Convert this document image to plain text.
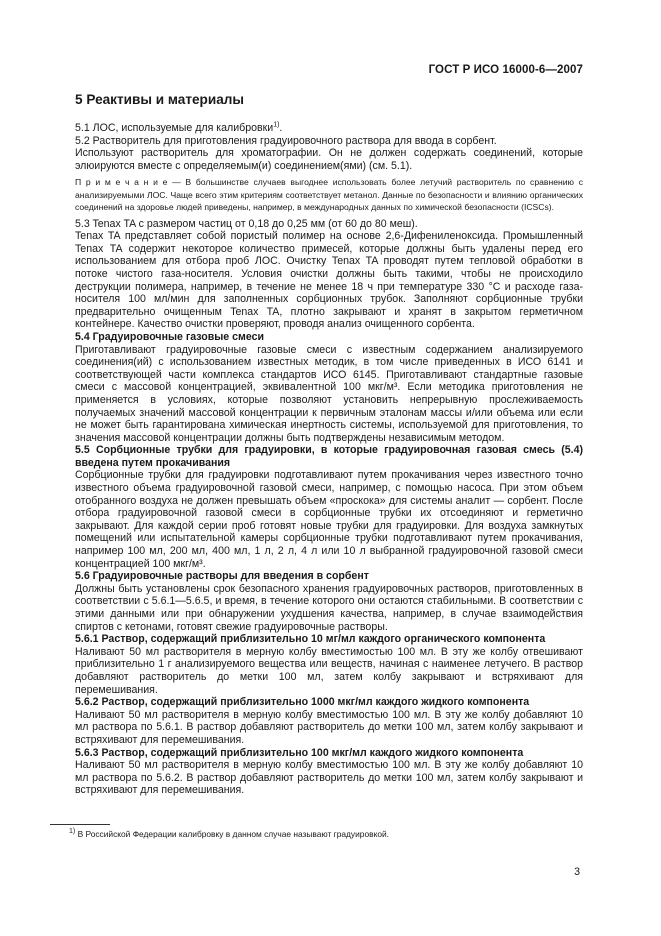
ГОСТ Р ИСО 16000-6—2007
5 Реактивы и материалы

5.1 ЛОС, используемые для калибровки$^{1)}$.

5.2 Растворитель для приготовления градуировочного раствора для ввода в сорбент.

Используют растворитель для хроматографии. Он не должен содержать соединений, которые элюируются вместе с определяемым(и) соединением(ями) (см. 5.1).

П р и м е ч а н и е — В большинстве случаев выгоднее использовать более летучий растворитель по сравнению с анализируемыми ЛОС. Чаще всего этим критериям соответствует метанол. Данные по безопасности и влиянию органических соединений на здоровье людей приведены, например, в международных данных по химической безопасности (ICSCs).

5.3 Tenax TA с размером частиц от 0,18 до 0,25 мм (от 60 до 80 меш).

Tenax TA представляет собой пористый полимер на основе 2,6-Дифениленоксида. Промышленный Tenax TA содержит некоторое количество примесей, которые должны быть удалены перед его использованием для отбора проб ЛОС. Очистку Tenax TA проводят путем тепловой обработки в потоке чистого газа-носителя. Условия очистки должны быть такими, чтобы не происходило деструкции полимера, например, в течение не менее 18 ч при температуре 330 °С и расходе газа-носителя 100 мл/мин для заполненных сорбционных трубок. Заполняют сорбционные трубки предварительно очищенным Tenax TA, плотно закрывают и хранят в закрытом герметичном контейнере. Качество очистки проверяют, проводя анализ очищенного сорбента.

5.4 Градуировочные газовые смеси

Приготавливают градуировочные газовые смеси с известным содержанием анализируемого соединения(ий) с использованием известных методик, в том числе приведенных в ИСО 6141 и соответствующей части комплекса стандартов ИСО 6145. Приготавливают стандартные газовые смеси с массовой концентрацией, эквивалентной 100 мкг/м³. Если методика приготовления не применяется в условиях, которые позволяют установить непрерывную прослеживаемость получаемых значений массовой концентрации к первичным эталонам массы и/или объема или если не может быть гарантирована химическая инертность системы, используемой для приготовления, то значения массовой концентрации должны быть подтверждены независимым методом.

5.5 Сорбционные трубки для градуировки, в которые градуировочная газовая смесь (5.4) введена путем прокачивания

Сорбционные трубки для градуировки подготавливают путем прокачивания через известного точно известного объема градуировочной газовой смеси, например, с помощью насоса. При этом объем отобранного воздуха не должен превышать объем «проскока» для системы аналит — сорбент. После отбора градуировочной газовой смеси в сорбционные трубки их отсоединяют и герметично закрывают. Для каждой серии проб готовят новые трубки для градуировки. Для воздуха замкнутых помещений или испытательной камеры сорбционные трубки подготавливают путем прокачивания, например 100 мл, 200 мл, 400 мл, 1 л, 2 л, 4 л или 10 л выбранной градуировочной газовой смеси концентрацией 100 мкг/м³.

5.6 Градуировочные растворы для введения в сорбент

Должны быть установлены срок безопасного хранения градуировочных растворов, приготовленных в соответствии с 5.6.1—5.6.5, и время, в течение которого они остаются стабильными. В соответствии с этими данными или при обнаружении ухудшения качества, например, в случае взаимодействия спиртов с кетонами, готовят свежие градуировочные растворы.

5.6.1 Раствор, содержащий приблизительно 10 мг/мл каждого органического компонента

Наливают 50 мл растворителя в мерную колбу вместимостью 100 мл. В эту же колбу отвешивают приблизительно 1 г анализируемого вещества или веществ, начиная с наименее летучего. В раствор добавляют растворитель до метки 100 мл, затем колбу закрывают и встряхивают для перемешивания.

5.6.2 Раствор, содержащий приблизительно 1000 мкг/мл каждого жидкого компонента

Наливают 50 мл растворителя в мерную колбу вместимостью 100 мл. В эту же колбу добавляют 10 мл раствора по 5.6.1. В раствор добавляют растворитель до метки 100 мл, затем колбу закрывают и встряхивают для перемешивания.

5.6.3 Раствор, содержащий приблизительно 100 мкг/мл каждого жидкого компонента

Наливают 50 мл растворителя в мерную колбу вместимостью 100 мл. В эту же колбу добавляют 10 мл раствора по 5.6.2. В раствор добавляют растворитель до метки 100 мл, затем колбу закрывают и встряхивают для перемешивания.

$^{1)}$ В Российской Федерации калибровку в данном случае называют градуировкой.
3
